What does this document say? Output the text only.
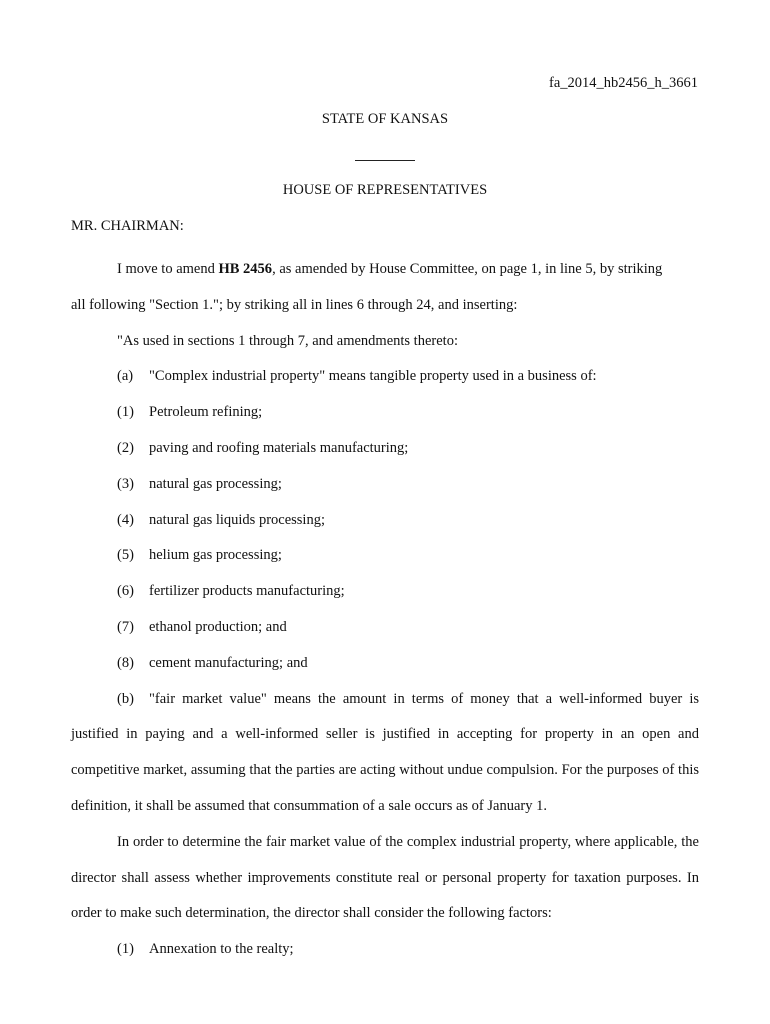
fa_2014_hb2456_h_3661
STATE OF KANSAS
HOUSE OF REPRESENTATIVES
MR. CHAIRMAN:

I move to amend HB 2456, as amended by House Committee, on page 1, in line 5, by striking

all following "Section 1."; by striking all in lines 6 through 24, and inserting:

"As used in sections 1 through 7, and amendments thereto:

(a) "Complex industrial property" means tangible property used in a business of:

(1) Petroleum refining;

(2) paving and roofing materials manufacturing;

(3) natural gas processing;

(4) natural gas liquids processing;

(5) helium gas processing;

(6) fertilizer products manufacturing;

(7) ethanol production; and

(8) cement manufacturing; and

(b) "fair market value" means the amount in terms of money that a well-informed buyer is justified in paying and a well-informed seller is justified in accepting for property in an open and competitive market, assuming that the parties are acting without undue compulsion. For the purposes of this definition, it shall be assumed that consummation of a sale occurs as of January 1.

In order to determine the fair market value of the complex industrial property, where applicable, the director shall assess whether improvements constitute real or personal property for taxation purposes. In order to make such determination, the director shall consider the following factors:

(1) Annexation to the realty;
